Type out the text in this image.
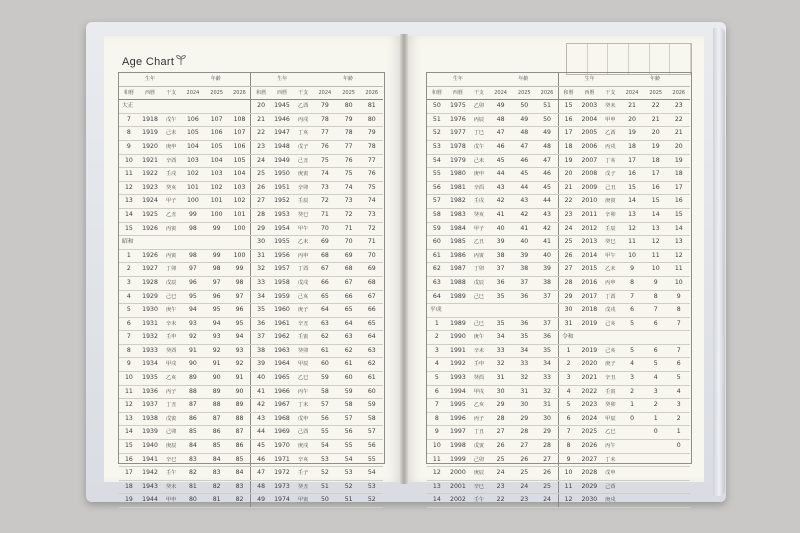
Age Chart
生年			年齢			生年			年齢		
和暦	西暦	干支	2024	2025	2026	和暦	西暦	干支	2024	2025	2026
大正						20	1945	乙酉	79	80	81
7	1918	戊午	106	107	108	21	1946	丙戌	78	79	80
8	1919	己未	105	106	107	22	1947	丁亥	77	78	79
9	1920	庚申	104	105	106	23	1948	戊子	76	77	78
10	1921	辛酉	103	104	105	24	1949	己丑	75	76	77
11	1922	壬戌	102	103	104	25	1950	庚寅	74	75	76
12	1923	癸亥	101	102	103	26	1951	辛卯	73	74	75
13	1924	甲子	100	101	102	27	1952	壬辰	72	73	74
14	1925	乙丑	99	100	101	28	1953	癸巳	71	72	73
15	1926	丙寅	98	99	100	29	1954	甲午	70	71	72
昭和						30	1955	乙未	69	70	71
1	1926	丙寅	98	99	100	31	1956	丙申	68	69	70
2	1927	丁卯	97	98	99	32	1957	丁酉	67	68	69
3	1928	戊辰	96	97	98	33	1958	戊戌	66	67	68
4	1929	己巳	95	96	97	34	1959	己亥	65	66	67
5	1930	庚午	94	95	96	35	1960	庚子	64	65	66
6	1931	辛未	93	94	95	36	1961	辛丑	63	64	65
7	1932	壬申	92	93	94	37	1962	壬寅	62	63	64
8	1933	癸酉	91	92	93	38	1963	癸卯	61	62	63
9	1934	甲戌	90	91	92	39	1964	甲辰	60	61	62
10	1935	乙亥	89	90	91	40	1965	乙巳	59	60	61
11	1936	丙子	88	89	90	41	1966	丙午	58	59	60
12	1937	丁丑	87	88	89	42	1967	丁未	57	58	59
13	1938	戊寅	86	87	88	43	1968	戊申	56	57	58
14	1939	己卯	85	86	87	44	1969	己酉	55	56	57
15	1940	庚辰	84	85	86	45	1970	庚戌	54	55	56
16	1941	辛巳	83	84	85	46	1971	辛亥	53	54	55
17	1942	壬午	82	83	84	47	1972	壬子	52	53	54
18	1943	癸未	81	82	83	48	1973	癸丑	51	52	53
19	1944	甲申	80	81	82	49	1974	甲寅	50	51	52
生年			年齢			生年			年齢		
和暦	西暦	干支	2024	2025	2026	和暦	西暦	干支	2024	2025	2026
50	1975	乙卯	49	50	51	15	2003	癸未	21	22	23
51	1976	丙辰	48	49	50	16	2004	甲申	20	21	22
52	1977	丁巳	47	48	49	17	2005	乙酉	19	20	21
53	1978	戊午	46	47	48	18	2006	丙戌	18	19	20
54	1979	己未	45	46	47	19	2007	丁亥	17	18	19
55	1980	庚申	44	45	46	20	2008	戊子	16	17	18
56	1981	辛酉	43	44	45	21	2009	己丑	15	16	17
57	1982	壬戌	42	43	44	22	2010	庚寅	14	15	16
58	1983	癸亥	41	42	43	23	2011	辛卯	13	14	15
59	1984	甲子	40	41	42	24	2012	壬辰	12	13	14
60	1985	乙丑	39	40	41	25	2013	癸巳	11	12	13
61	1986	丙寅	38	39	40	26	2014	甲午	10	11	12
62	1987	丁卯	37	38	39	27	2015	乙未	9	10	11
63	1988	戊辰	36	37	38	28	2016	丙申	8	9	10
64	1989	己巳	35	36	37	29	2017	丁酉	7	8	9
平成						30	2018	戊戌	6	7	8
1	1989	己巳	35	36	37	31	2019	己亥	5	6	7
2	1990	庚午	34	35	36	令和					
3	1991	辛未	33	34	35	1	2019	己亥	5	6	7
4	1992	壬申	32	33	34	2	2020	庚子	4	5	6
5	1993	癸酉	31	32	33	3	2021	辛丑	3	4	5
6	1994	甲戌	30	31	32	4	2022	壬寅	2	3	4
7	1995	乙亥	29	30	31	5	2023	癸卯	1	2	3
8	1996	丙子	28	29	30	6	2024	甲辰	0	1	2
9	1997	丁丑	27	28	29	7	2025	乙巳		0	1
10	1998	戊寅	26	27	28	8	2026	丙午			0
11	1999	己卯	25	26	27	9	2027	丁未			
12	2000	庚辰	24	25	26	10	2028	戊申			
13	2001	辛巳	23	24	25	11	2029	己酉			
14	2002	壬午	22	23	24	12	2030	庚戌			
